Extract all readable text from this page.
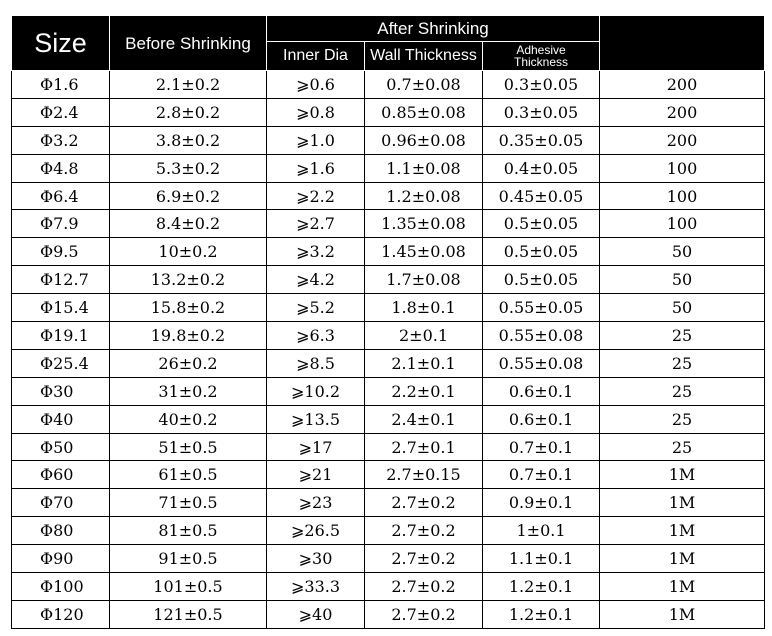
Size	Before Shrinking	After Shrinking			
		Inner Dia	Wall Thickness	Adhesive
Thickness	
Φ1.6	2.1±0.2	⩾0.6	0.7±0.08	0.3±0.05	200
Φ2.4	2.8±0.2	⩾0.8	0.85±0.08	0.3±0.05	200
Φ3.2	3.8±0.2	⩾1.0	0.96±0.08	0.35±0.05	200
Φ4.8	5.3±0.2	⩾1.6	1.1±0.08	0.4±0.05	100
Φ6.4	6.9±0.2	⩾2.2	1.2±0.08	0.45±0.05	100
Φ7.9	8.4±0.2	⩾2.7	1.35±0.08	0.5±0.05	100
Φ9.5	10±0.2	⩾3.2	1.45±0.08	0.5±0.05	50
Φ12.7	13.2±0.2	⩾4.2	1.7±0.08	0.5±0.05	50
Φ15.4	15.8±0.2	⩾5.2	1.8±0.1	0.55±0.05	50
Φ19.1	19.8±0.2	⩾6.3	2±0.1	0.55±0.08	25
Φ25.4	26±0.2	⩾8.5	2.1±0.1	0.55±0.08	25
Φ30	31±0.2	⩾10.2	2.2±0.1	0.6±0.1	25
Φ40	40±0.2	⩾13.5	2.4±0.1	0.6±0.1	25
Φ50	51±0.5	⩾17	2.7±0.1	0.7±0.1	25
Φ60	61±0.5	⩾21	2.7±0.15	0.7±0.1	1M
Φ70	71±0.5	⩾23	2.7±0.2	0.9±0.1	1M
Φ80	81±0.5	⩾26.5	2.7±0.2	1±0.1	1M
Φ90	91±0.5	⩾30	2.7±0.2	1.1±0.1	1M
Φ100	101±0.5	⩾33.3	2.7±0.2	1.2±0.1	1M
Φ120	121±0.5	⩾40	2.7±0.2	1.2±0.1	1M
